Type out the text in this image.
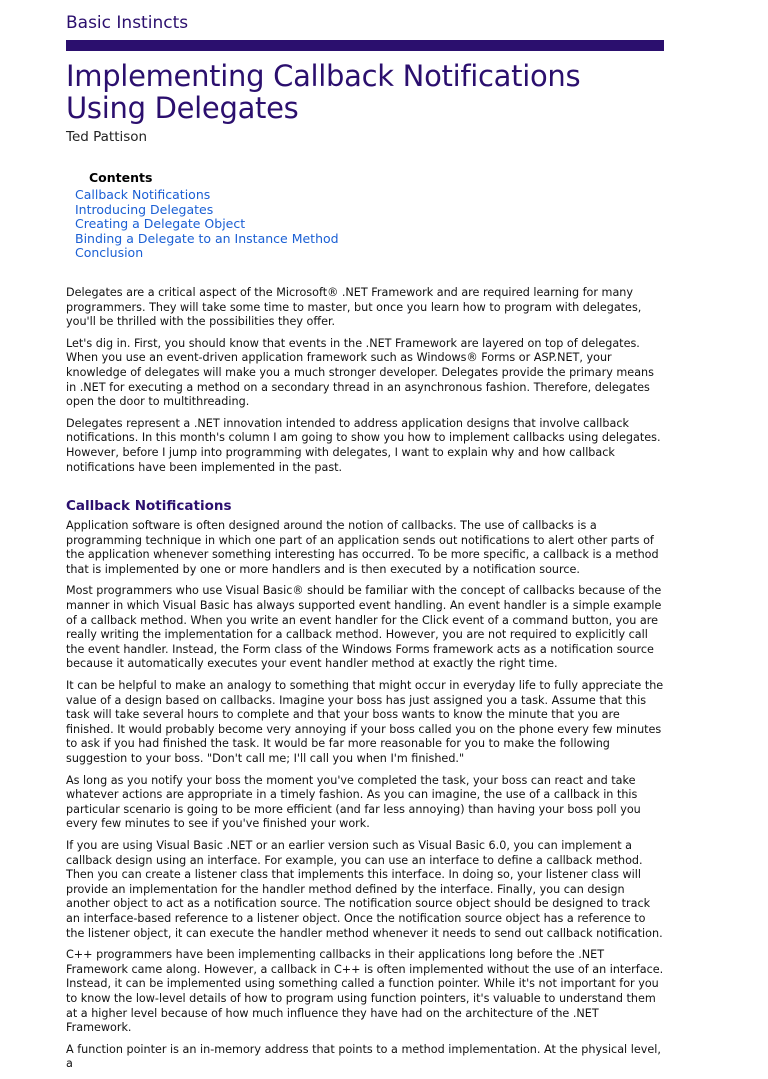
Basic Instincts
Implementing Callback Notifications
Using Delegates
Ted Pattison
Contents
Callback Notifications
Introducing Delegates
Creating a Delegate Object
Binding a Delegate to an Instance Method
Conclusion

Delegates are a critical aspect of the Microsoft® .NET Framework and are required learning for many programmers. They will take some time to master, but once you learn how to program with delegates, you'll be thrilled with the possibilities they offer.

Let's dig in. First, you should know that events in the .NET Framework are layered on top of delegates. When you use an event-driven application framework such as Windows® Forms or ASP.NET, your knowledge of delegates will make you a much stronger developer. Delegates provide the primary means in .NET for executing a method on a secondary thread in an asynchronous fashion. Therefore, delegates open the door to multithreading.

Delegates represent a .NET innovation intended to address application designs that involve callback notifications. In this month's column I am going to show you how to implement callbacks using delegates. However, before I jump into programming with delegates, I want to explain why and how callback notifications have been implemented in the past.

Callback Notifications

Application software is often designed around the notion of callbacks. The use of callbacks is a programming technique in which one part of an application sends out notifications to alert other parts of the application whenever something interesting has occurred. To be more specific, a callback is a method that is implemented by one or more handlers and is then executed by a notification source.

Most programmers who use Visual Basic® should be familiar with the concept of callbacks because of the manner in which Visual Basic has always supported event handling. An event handler is a simple example of a callback method. When you write an event handler for the Click event of a command button, you are really writing the implementation for a callback method. However, you are not required to explicitly call the event handler. Instead, the Form class of the Windows Forms framework acts as a notification source because it automatically executes your event handler method at exactly the right time.

It can be helpful to make an analogy to something that might occur in everyday life to fully appreciate the value of a design based on callbacks. Imagine your boss has just assigned you a task. Assume that this task will take several hours to complete and that your boss wants to know the minute that you are finished. It would probably become very annoying if your boss called you on the phone every few minutes to ask if you had finished the task. It would be far more reasonable for you to make the following suggestion to your boss. "Don't call me; I'll call you when I'm finished."

As long as you notify your boss the moment you've completed the task, your boss can react and take whatever actions are appropriate in a timely fashion. As you can imagine, the use of a callback in this particular scenario is going to be more efficient (and far less annoying) than having your boss poll you every few minutes to see if you've finished your work.

If you are using Visual Basic .NET or an earlier version such as Visual Basic 6.0, you can implement a callback design using an interface. For example, you can use an interface to define a callback method. Then you can create a listener class that implements this interface. In doing so, your listener class will provide an implementation for the handler method defined by the interface. Finally, you can design another object to act as a notification source. The notification source object should be designed to track an interface-based reference to a listener object. Once the notification source object has a reference to the listener object, it can execute the handler method whenever it needs to send out callback notification.

C++ programmers have been implementing callbacks in their applications long before the .NET Framework came along. However, a callback in C++ is often implemented without the use of an interface. Instead, it can be implemented using something called a function pointer. While it's not important for you to know the low-level details of how to program using function pointers, it's valuable to understand them at a higher level because of how much influence they have had on the architecture of the .NET Framework.

A function pointer is an in-memory address that points to a method implementation. At the physical level, a
